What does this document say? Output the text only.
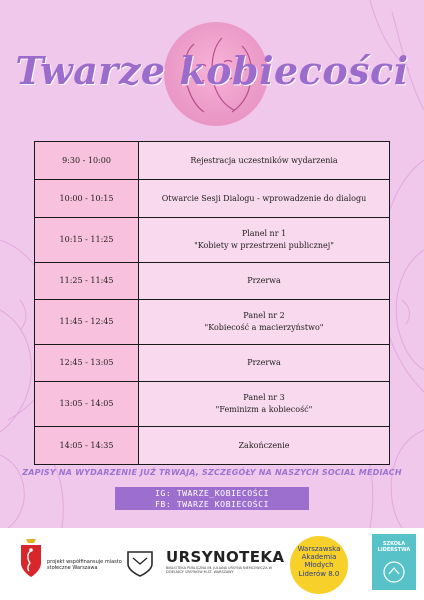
Twarze kobiecości
9:30 - 10:00	Rejestracja uczestników wydarzenia

10:00 - 10:15	Otwarcie Sesji Dialogu - wprowadzenie do dialogu

10:15 - 11:25	Planel nr 1
"Kobiety w przestrzeni publicznej"

11:25 - 11:45	Przerwa

11:45 - 12:45	Panel nr 2
"Kobiecość a macierzyństwo"

12:45 - 13:05	Przerwa

13:05 - 14:05	Panel nr 3
"Feminizm a kobiecość"

14:05 - 14:35	Zakończenie
ZAPISY NA WYDARZENIE JUŻ TRWAJĄ, SZCZEGÓŁY NA NASZYCH SOCIAL MEDIACH
IG: TWARZE_KOBIECOŚCI
FB: TWARZE KOBIECOŚCI
projekt współfinansuje miasto stołeczne Warszawa
URSYNOTEKA
BIBLIOTEKA PUBLICZNA IM. JULIANA URSYNA NIEMCEWICZA W DZIELNICY URSYNÓW M.ST. WARSZAWY
Warszawska
Akademia
Młodych
Liderów 8.0
SZKOŁA
LIDERSTWA
